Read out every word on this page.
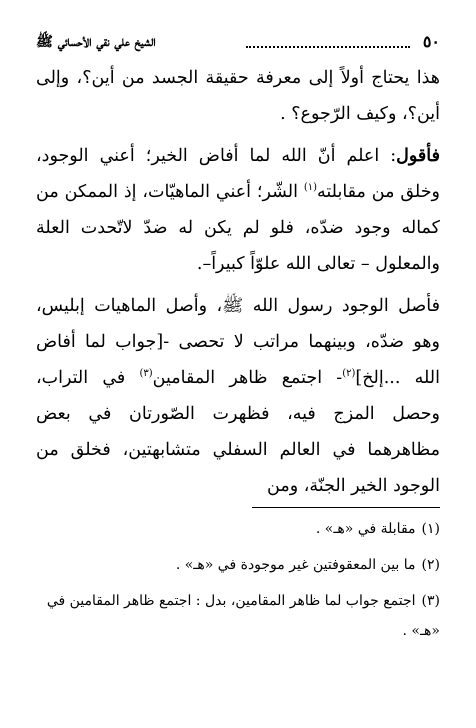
٥٠
الشيخ علي نقي الأحسائي ﷺ

هذا يحتاج أولاً إلى معرفة حقيقة الجسد من أين؟، وإلى أين؟، وكيف الرّجوع؟ .

فأقول: اعلم أنّ الله لما أفاض الخير؛ أعني الوجود، وخلق من مقابلته$^{(١)}$ الشّر؛ أعني الماهيّات، إذ الممكن من كماله وجود ضدّه، فلو لم يكن له ضدّ لاتّحدت العلة والمعلول – تعالى الله علوّاً كبيراً–.

فأصل الوجود رسول الله ﷺ، وأصل الماهيات إبليس، وهو ضدّه، وبينهما مراتب لا تحصى -[جواب لما أفاض الله ...إلخ]$^{(٢)}$- اجتمع ظاهر المقامين$^{(٣)}$ في التراب، وحصل المزج فيه، فظهرت الصّورتان في بعض مظاهرهما في العالم السفلي متشابهتين، فخلق من الوجود الخير الجنّة، ومن

(١)مقابلة في «هـ» .

(٢)ما بين المعقوفتين غير موجودة في «هـ» .

(٣)اجتمع جواب لما ظاهر المقامين، بدل : اجتمع ظاهر المقامين في «هـ» .
